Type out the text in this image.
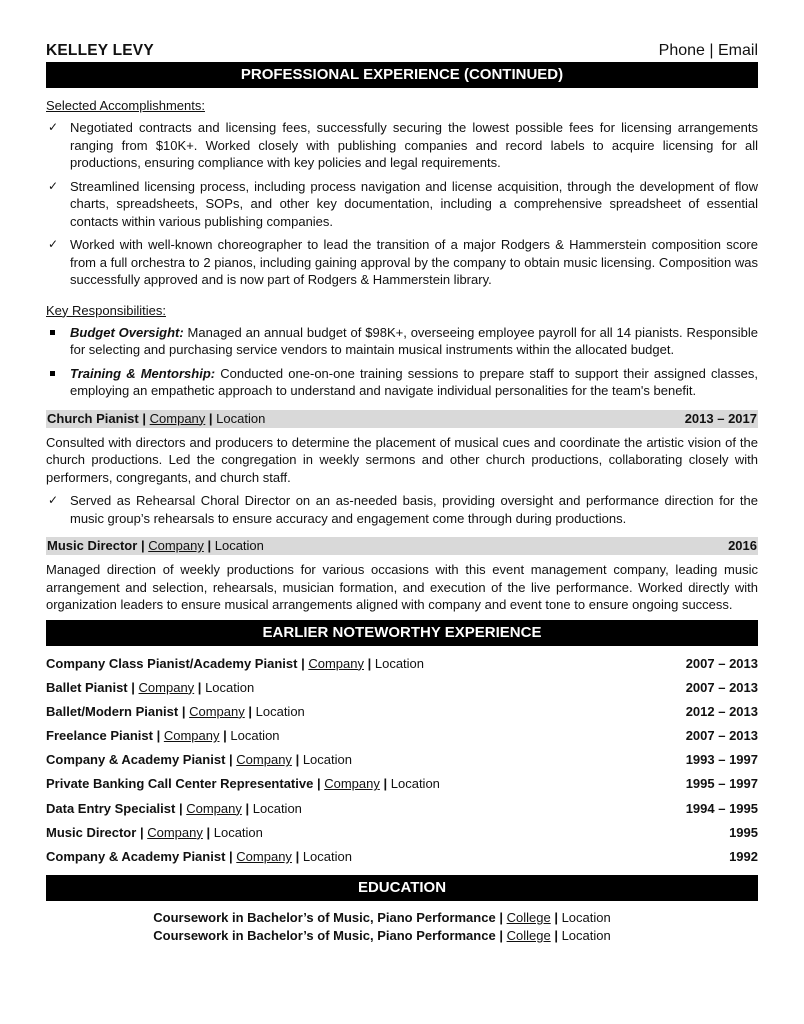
KELLEY LEVY	Phone | Email
PROFESSIONAL EXPERIENCE (CONTINUED)
Selected Accomplishments:
✓ Negotiated contracts and licensing fees, successfully securing the lowest possible fees for licensing arrangements ranging from $10K+. Worked closely with publishing companies and record labels to acquire licensing for all productions, ensuring compliance with key policies and legal requirements.
✓ Streamlined licensing process, including process navigation and license acquisition, through the development of flow charts, spreadsheets, SOPs, and other key documentation, including a comprehensive spreadsheet of essential contacts within various publishing companies.
✓ Worked with well-known choreographer to lead the transition of a major Rodgers & Hammerstein composition score from a full orchestra to 2 pianos, including gaining approval by the company to obtain music licensing. Composition was successfully approved and is now part of Rodgers & Hammerstein library.
Key Responsibilities:
Budget Oversight: Managed an annual budget of $98K+, overseeing employee payroll for all 14 pianists. Responsible for selecting and purchasing service vendors to maintain musical instruments within the allocated budget.
Training & Mentorship: Conducted one-on-one training sessions to prepare staff to support their assigned classes, employing an empathetic approach to understand and navigate individual personalities for the team's benefit.
Church Pianist | Company | Location	2013 – 2017
Consulted with directors and producers to determine the placement of musical cues and coordinate the artistic vision of the church productions. Led the congregation in weekly sermons and other church productions, collaborating closely with performers, congregants, and church staff.
✓ Served as Rehearsal Choral Director on an as-needed basis, providing oversight and performance direction for the music group’s rehearsals to ensure accuracy and engagement come through during productions.
Music Director | Company | Location	2016
Managed direction of weekly productions for various occasions with this event management company, leading music arrangement and selection, rehearsals, musician formation, and execution of the live performance. Worked directly with organization leaders to ensure musical arrangements aligned with company and event tone to ensure ongoing success.
EARLIER NOTEWORTHY EXPERIENCE
Company Class Pianist/Academy Pianist | Company | Location	2007 – 2013
Ballet Pianist | Company | Location	2007 – 2013
Ballet/Modern Pianist | Company | Location	2012 – 2013
Freelance Pianist | Company | Location	2007 – 2013
Company & Academy Pianist | Company | Location	1993 – 1997
Private Banking Call Center Representative | Company | Location	1995 – 1997
Data Entry Specialist | Company | Location	1994 – 1995
Music Director | Company | Location	1995
Company & Academy Pianist | Company | Location	1992
EDUCATION
Coursework in Bachelor’s of Music, Piano Performance | College | Location
Coursework in Bachelor’s of Music, Piano Performance | College | Location
